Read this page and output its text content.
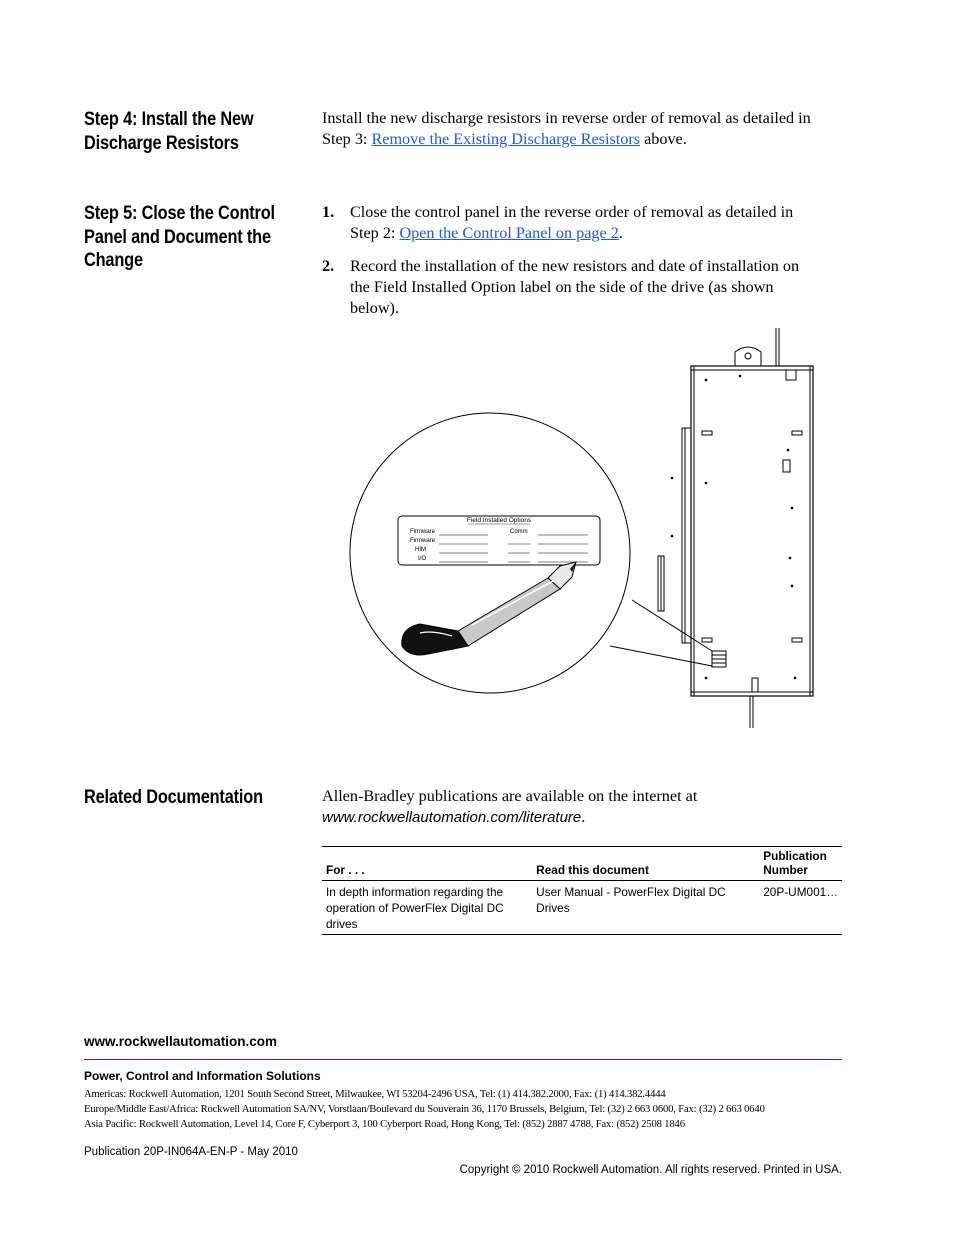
Step 4: Install the New
Discharge Resistors
Install the new discharge resistors in reverse order of removal as detailed in
Step 3: Remove the Existing Discharge Resistors above.
Step 5: Close the Control
Panel and Document the
Change
1. Close the control panel in the reverse order of removal as detailed in
Step 2: Open the Control Panel on page 2.
2. Record the installation of the new resistors and date of installation on
the Field Installed Option label on the side of the drive (as shown
below).
Field Installed Options
Firmware
Firmware
HIM
I/O
Comm
Related Documentation	Allen-Bradley publications are available on the internet at
www.rockwellautomation.com/literature.
For . . .	Read this document	Publication Number
In depth information regarding the operation of PowerFlex Digital DC drives	User Manual - PowerFlex Digital DC Drives	20P-UM001…
www.rockwellautomation.com
Power, Control and Information Solutions
Americas: Rockwell Automation, 1201 South Second Street, Milwaukee, WI 53204-2496 USA, Tel: (1) 414.382.2000, Fax: (1) 414.382.4444
Europe/Middle East/Africa: Rockwell Automation SA/NV, Vorstlaan/Boulevard du Souverain 36, 1170 Brussels, Belgium, Tel: (32) 2 663 0600, Fax: (32) 2 663 0640
Asia Pacific: Rockwell Automation, Level 14, Core F, Cyberport 3, 100 Cyberport Road, Hong Kong, Tel: (852) 2887 4788, Fax: (852) 2508 1846
Publication 20P-IN064A-EN-P - May 2010
Copyright © 2010 Rockwell Automation. All rights reserved. Printed in USA.
